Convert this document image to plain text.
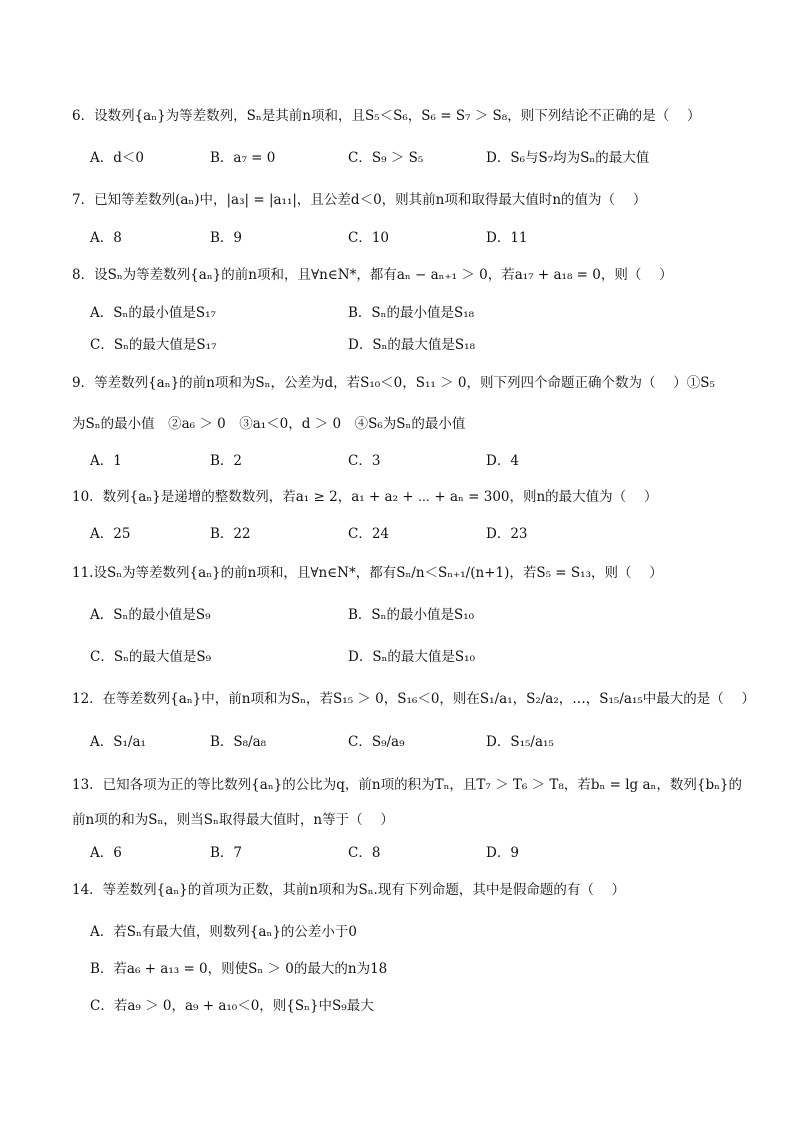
6．设数列{aₙ}为等差数列，Sₙ是其前n项和，且S₅＜S₆，S₆ = S₇ ＞ S₈，则下列结论不正确的是（　 ）
A．d＜0	B．a₇ = 0	C．S₉ ＞ S₅	D．S₆与S₇均为Sₙ的最大值
7．已知等差数列(aₙ)中，|a₃| = |a₁₁|，且公差d＜0，则其前n项和取得最大值时n的值为（　 ）
A．8	B．9	C．10	D．11
8．设Sₙ为等差数列{aₙ}的前n项和，且∀n∈N*，都有aₙ − aₙ₊₁ ＞ 0，若a₁₇ + a₁₈ = 0，则（　 ）
A．Sₙ的最小值是S₁₇	B．Sₙ的最小值是S₁₈
C．Sₙ的最大值是S₁₇	D．Sₙ的最大值是S₁₈
9．等差数列{aₙ}的前n项和为Sₙ，公差为d，若S₁₀＜0，S₁₁ ＞ 0，则下列四个命题正确个数为（　 ）①S₅
为Sₙ的最小值　②a₆ ＞ 0　③a₁＜0，d ＞ 0　④S₆为Sₙ的最小值
A．1	B．2	C．3	D．4
10．数列{aₙ}是递增的整数数列，若a₁ ≥ 2，a₁ + a₂ + ⋯ + aₙ = 300，则n的最大值为（　 ）
A．25	B．22	C．24	D．23
11.设Sₙ为等差数列{aₙ}的前n项和，且∀n∈N*，都有Sₙ/n＜Sₙ₊₁/(n+1)，若S₅ = S₁₃，则（　 ）
A．Sₙ的最小值是S₉	B．Sₙ的最小值是S₁₀
C．Sₙ的最大值是S₉	D．Sₙ的最大值是S₁₀
12．在等差数列{aₙ}中，前n项和为Sₙ，若S₁₅ ＞ 0，S₁₆＜0，则在S₁/a₁，S₂/a₂，…，S₁₅/a₁₅中最大的是（　 ）
A．S₁/a₁	B．S₈/a₈	C．S₉/a₉	D．S₁₅/a₁₅
13．已知各项为正的等比数列{aₙ}的公比为q，前n项的积为Tₙ，且T₇ ＞ T₆ ＞ T₈，若bₙ = lg aₙ，数列{bₙ}的
前n项的和为Sₙ，则当Sₙ取得最大值时，n等于（　 ）
A．6	B．7	C．8	D．9
14．等差数列{aₙ}的首项为正数，其前n项和为Sₙ.现有下列命题，其中是假命题的有（　 ）
A．若Sₙ有最大值，则数列{aₙ}的公差小于0
B．若a₆ + a₁₃ = 0，则使Sₙ ＞ 0的最大的n为18
C．若a₉ ＞ 0，a₉ + a₁₀＜0，则{Sₙ}中S₉最大
